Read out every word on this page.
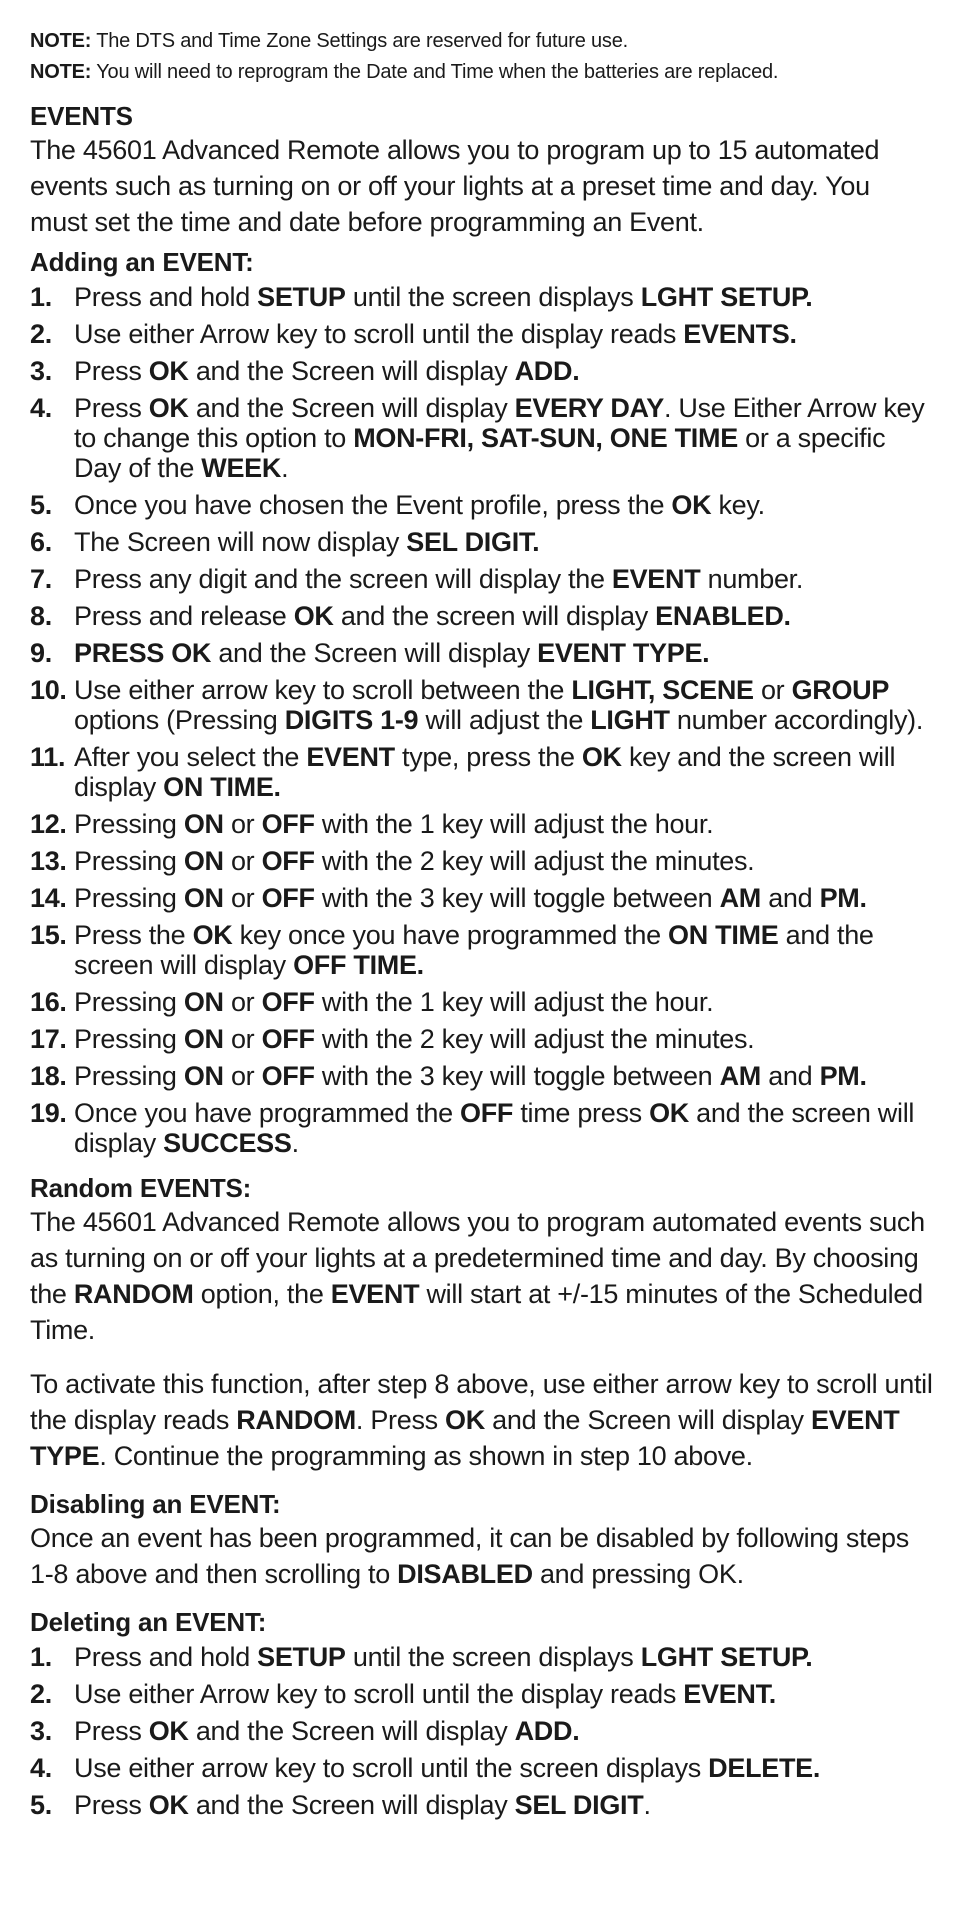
NOTE: The DTS and Time Zone Settings are reserved for future use.
NOTE: You will need to reprogram the Date and Time when the batteries are replaced.
EVENTS

The 45601 Advanced Remote allows you to program up to 15 automated events such as turning on or off your lights at a preset time and day. You must set the time and date before programming an Event.

Adding an EVENT:
1. Press and hold SETUP until the screen displays LGHT SETUP.
2. Use either Arrow key to scroll until the display reads EVENTS.
3. Press OK and the Screen will display ADD.
4. Press OK and the Screen will display EVERY DAY. Use Either Arrow key to change this option to MON-FRI, SAT-SUN, ONE TIME or a specific Day of the WEEK.
5. Once you have chosen the Event profile, press the OK key.
6. The Screen will now display SEL DIGIT.
7. Press any digit and the screen will display the EVENT number.
8. Press and release OK and the screen will display ENABLED.
9. PRESS OK and the Screen will display EVENT TYPE.
10. Use either arrow key to scroll between the LIGHT, SCENE or GROUP options (Pressing DIGITS 1-9 will adjust the LIGHT number accordingly).
11. After you select the EVENT type, press the OK key and the screen will display ON TIME.
12. Pressing ON or OFF with the 1 key will adjust the hour.
13. Pressing ON or OFF with the 2 key will adjust the minutes.
14. Pressing ON or OFF with the 3 key will toggle between AM and PM.
15. Press the OK key once you have programmed the ON TIME and the screen will display OFF TIME.
16. Pressing ON or OFF with the 1 key will adjust the hour.
17. Pressing ON or OFF with the 2 key will adjust the minutes.
18. Pressing ON or OFF with the 3 key will toggle between AM and PM.
19. Once you have programmed the OFF time press OK and the screen will display SUCCESS.
Random EVENTS:

The 45601 Advanced Remote allows you to program automated events such as turning on or off your lights at a predetermined time and day. By choosing the RANDOM option, the EVENT will start at +/-15 minutes of the Scheduled Time.

To activate this function, after step 8 above, use either arrow key to scroll until the display reads RANDOM. Press OK and the Screen will display EVENT TYPE. Continue the programming as shown in step 10 above.

Disabling an EVENT:

Once an event has been programmed, it can be disabled by following steps 1-8 above and then scrolling to DISABLED and pressing OK.

Deleting an EVENT:
1. Press and hold SETUP until the screen displays LGHT SETUP.
2. Use either Arrow key to scroll until the display reads EVENT.
3. Press OK and the Screen will display ADD.
4. Use either arrow key to scroll until the screen displays DELETE.
5. Press OK and the Screen will display SEL DIGIT.
